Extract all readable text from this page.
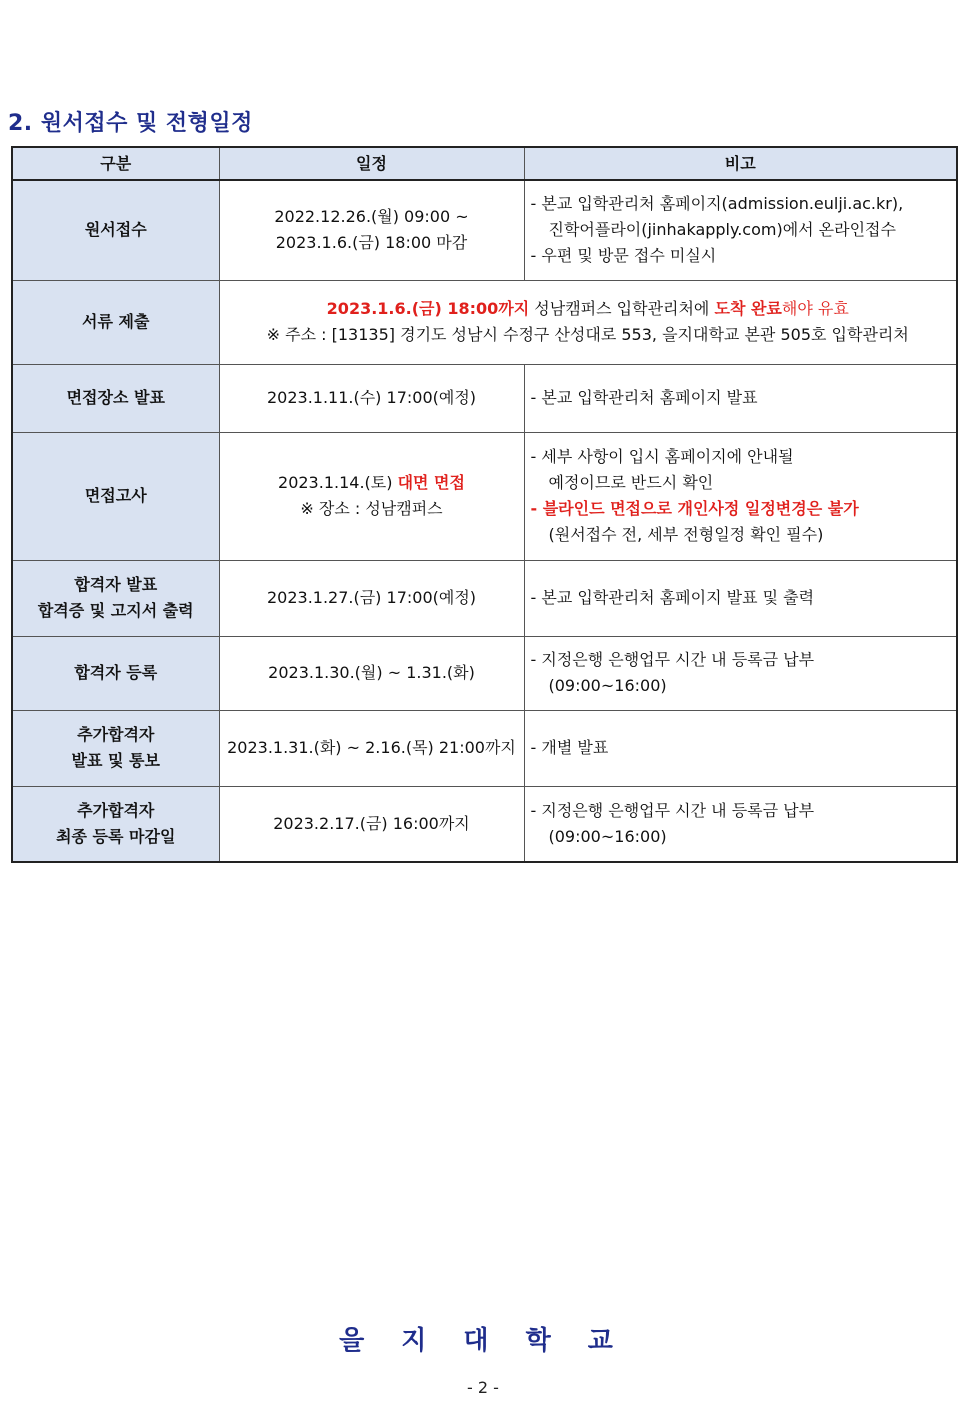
2. 원서접수 및 전형일정
구분	일정	비고

원서접수	2022.12.26.(월) 09:00 ~
2023.1.6.(금) 18:00 마감	- 본교 입학관리처 홈페이지(admission.eulji.ac.kr),
진학어플라이(jinhakapply.com)에서 온라인접수
- 우편 및 방문 접수 미실시

서류 제출	2023.1.6.(금) 18:00까지 성남캠퍼스 입학관리처에 도착 완료해야 유효
※ 주소 : [13135] 경기도 성남시 수정구 산성대로 553, 을지대학교 본관 505호 입학관리처	

면접장소 발표	2023.1.11.(수) 17:00(예정)	- 본교 입학관리처 홈페이지 발표

면접고사	2023.1.14.(토) 대면 면접
※ 장소 : 성남캠퍼스	- 세부 사항이 입시 홈페이지에 안내될
예정이므로 반드시 확인
- 블라인드 면접으로 개인사정 일정변경은 불가
(원서접수 전, 세부 전형일정 확인 필수)

합격자 발표
합격증 및 고지서 출력	2023.1.27.(금) 17:00(예정)	- 본교 입학관리처 홈페이지 발표 및 출력

합격자 등록	2023.1.30.(월) ~ 1.31.(화)	- 지정은행 은행업무 시간 내 등록금 납부
(09:00~16:00)

추가합격자
발표 및 통보	2023.1.31.(화) ~ 2.16.(목) 21:00까지	- 개별 발표

추가합격자
최종 등록 마감일	2023.2.17.(금) 16:00까지	- 지정은행 은행업무 시간 내 등록금 납부
(09:00~16:00)
을 지 대 학 교
- 2 -
